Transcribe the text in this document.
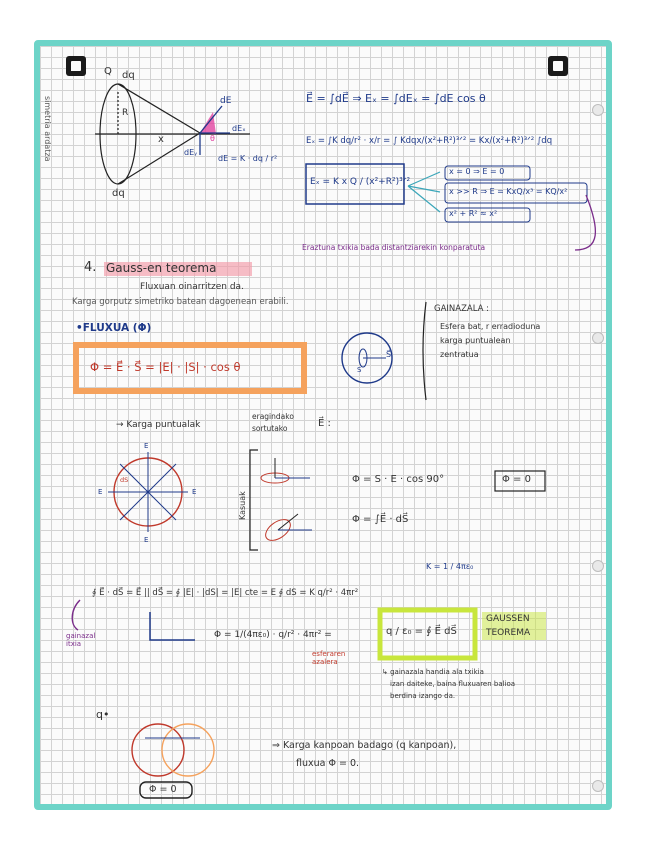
simetria ardatza
Q dq
dq
R
x
dE
dEₓ
dEᵧ
θ
dE = K · dq / r²
E⃗ = ∫dE⃗ ⇒ Eₓ = ∫dEₓ = ∫dE cos θ
Eₓ = ∫K dq/r² · x/r = ∫ Kdqx/(x²+R²)³ᐟ² = Kx/(x²+R²)³ᐟ² ∫dq
Eₓ = K x Q / (x²+R²)³ᐟ²
x = 0 ⇒ E = 0
x >> R ⇒ E = KxQ/x³ = KQ/x²
x² + R² ≈ x²
Eraztuna txikia bada distantziarekin konparatuta
4. Gauss-en teorema
Fluxuan oinarritzen da.
Karga gorputz simetriko batean dagoenean erabili.
•FLUXUA (Φ)
Φ = E⃗ · S⃗ = |E| · |S| · cos θ
GAINAZALA :
Esfera bat, r erradioduna
karga puntualean
zentratua
S
S⃗
→ Karga puntualak
eragindako
sortutako	E⃗ :
Kasuak
Φ = S · E · cos 90°	Φ = 0
Φ = ∫E⃗ · dS⃗
E
E	E
E
dS
∮ E⃗ · dS⃗ = E⃗ || dS⃗ = ∮ |E| · |dS| = |E| cte = E ∮ dS = K q/r² · 4πr²
K = 1 / 4πε₀
gainazal itxia
Φ = 1/(4πε₀) · q/r² · 4πr² =
esferaren azalera
q / ε₀ = ∮ E⃗ dS⃗
GAUSSEN
TEOREMA
↳ gainazala handia ala txikia
izan daiteke, baina fluxuaren balioa
berdina izango da.
q•
⇒ Karga kanpoan badago (q kanpoan),
fluxua Φ = 0.
Φ = 0
